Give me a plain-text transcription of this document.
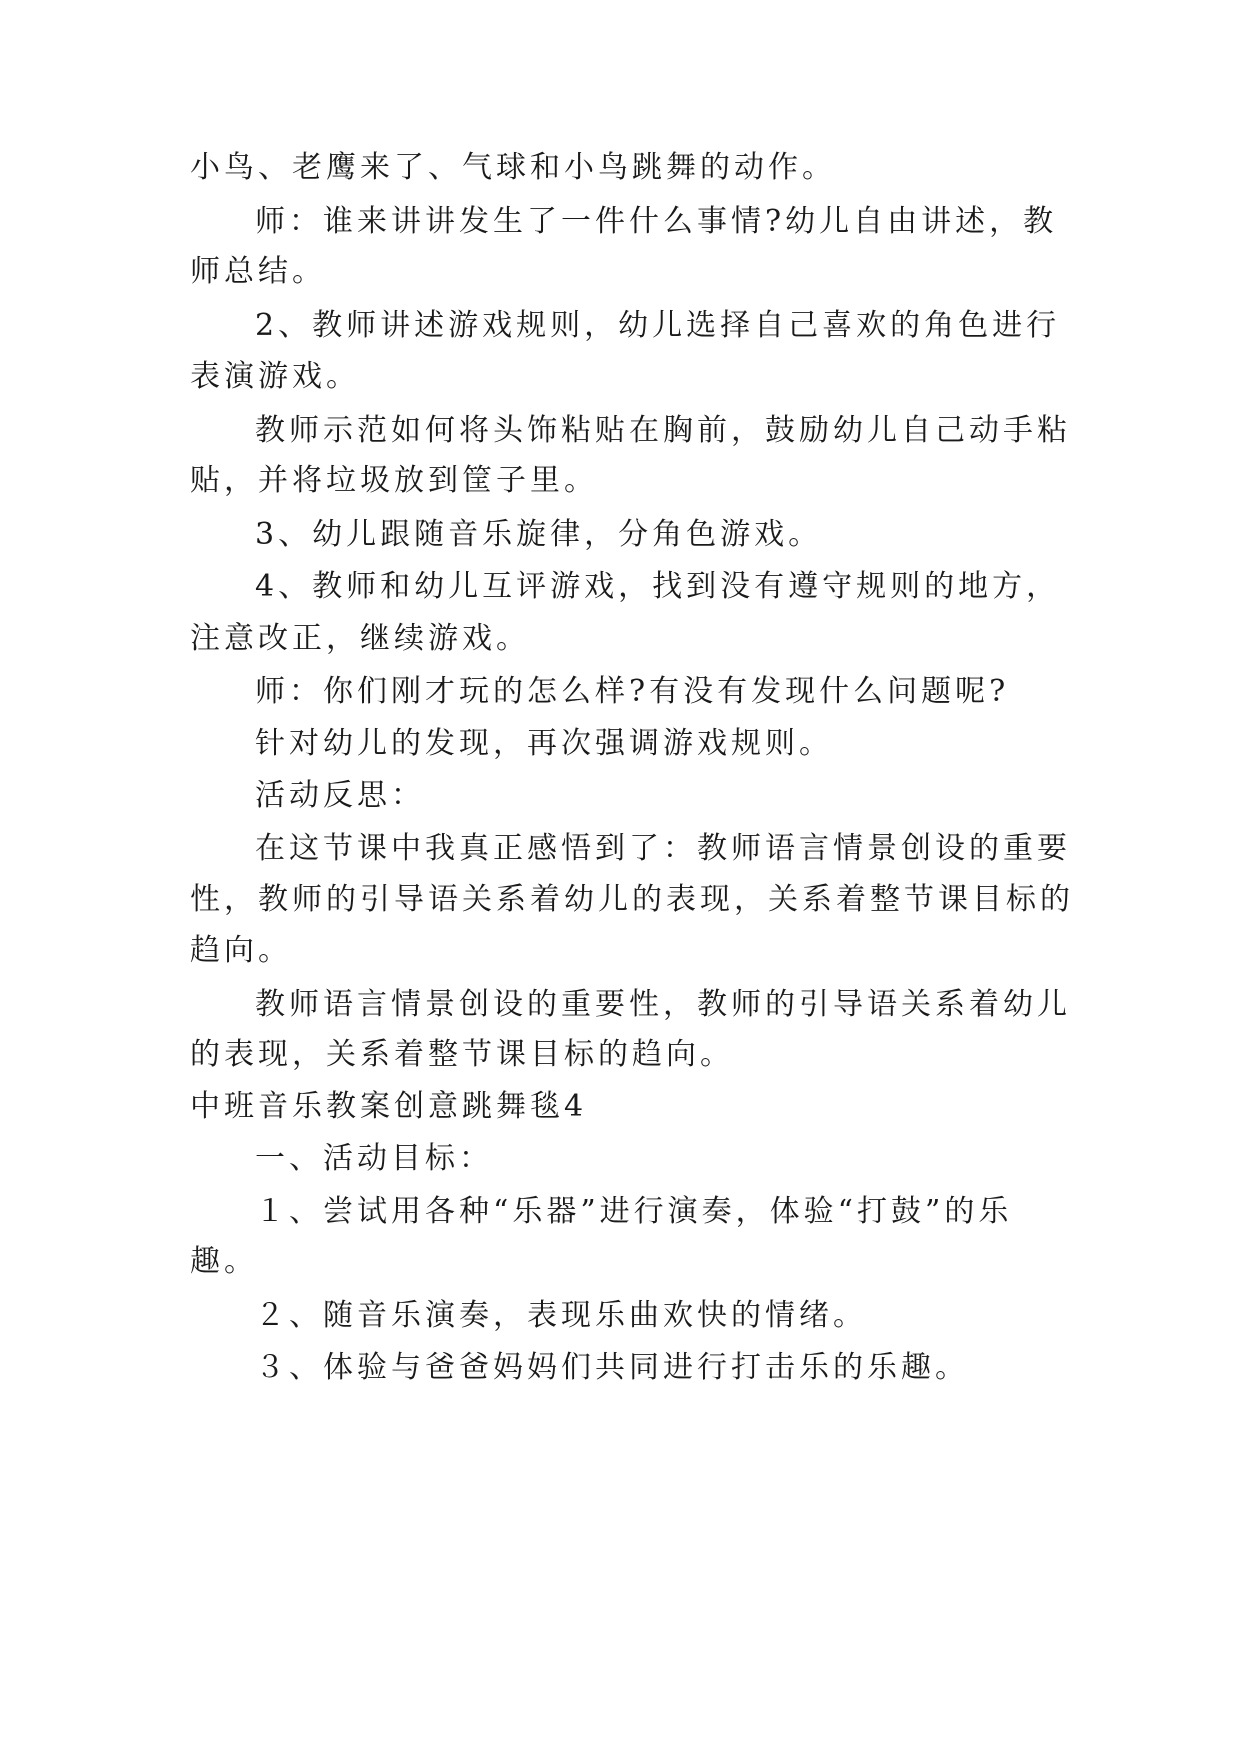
小鸟、老鹰来了、气球和小鸟跳舞的动作。
师：谁来讲讲发生了一件什么事情?幼儿自由讲述，教
师总结。
2、教师讲述游戏规则，幼儿选择自己喜欢的角色进行
表演游戏。
教师示范如何将头饰粘贴在胸前，鼓励幼儿自己动手粘
贴，并将垃圾放到筐子里。
3、幼儿跟随音乐旋律，分角色游戏。
4、教师和幼儿互评游戏，找到没有遵守规则的地方，
注意改正，继续游戏。
师：你们刚才玩的怎么样?有没有发现什么问题呢?
针对幼儿的发现，再次强调游戏规则。
活动反思：
在这节课中我真正感悟到了：教师语言情景创设的重要
性，教师的引导语关系着幼儿的表现，关系着整节课目标的
趋向。
教师语言情景创设的重要性，教师的引导语关系着幼儿
的表现，关系着整节课目标的趋向。
中班音乐教案创意跳舞毯4
一、活动目标：
１、尝试用各种“乐器”进行演奏，体验“打鼓”的乐
趣。
２、随音乐演奏，表现乐曲欢快的情绪。
３、体验与爸爸妈妈们共同进行打击乐的乐趣。
